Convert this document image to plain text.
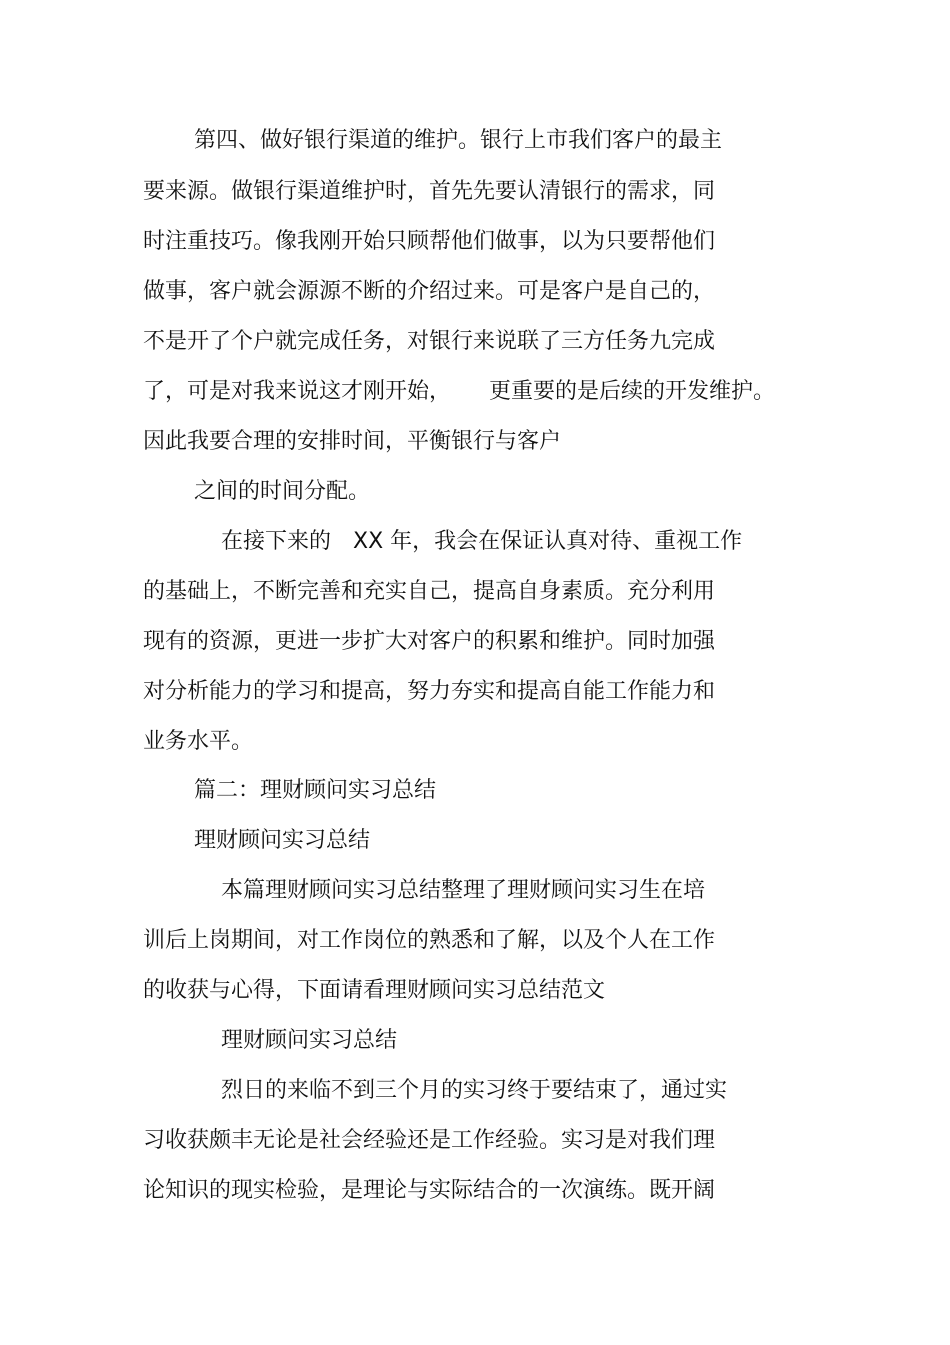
第四、做好银行渠道的维护。银行上市我们客户的最主
要来源。做银行渠道维护时，首先先要认清银行的需求，同
时注重技巧。像我刚开始只顾帮他们做事，以为只要帮他们
做事，客户就会源源不断的介绍过来。可是客户是自己的，
不是开了个户就完成任务，对银行来说联了三方任务九完成
了，可是对我来说这才刚开始， 更重要的是后续的开发维护。
因此我要合理的安排时间，平衡银行与客户
之间的时间分配。
在接下来的 XX 年，我会在保证认真对待、重视工作
的基础上，不断完善和充实自己，提高自身素质。充分利用
现有的资源，更进一步扩大对客户的积累和维护。同时加强
对分析能力的学习和提高，努力夯实和提高自能工作能力和
业务水平。
篇二：理财顾问实习总结
理财顾问实习总结
本篇理财顾问实习总结整理了理财顾问实习生在培
训后上岗期间，对工作岗位的熟悉和了解，以及个人在工作
的收获与心得，下面请看理财顾问实习总结范文
理财顾问实习总结
烈日的来临不到三个月的实习终于要结束了，通过实
习收获颇丰无论是社会经验还是工作经验。实习是对我们理
论知识的现实检验，是理论与实际结合的一次演练。既开阔
